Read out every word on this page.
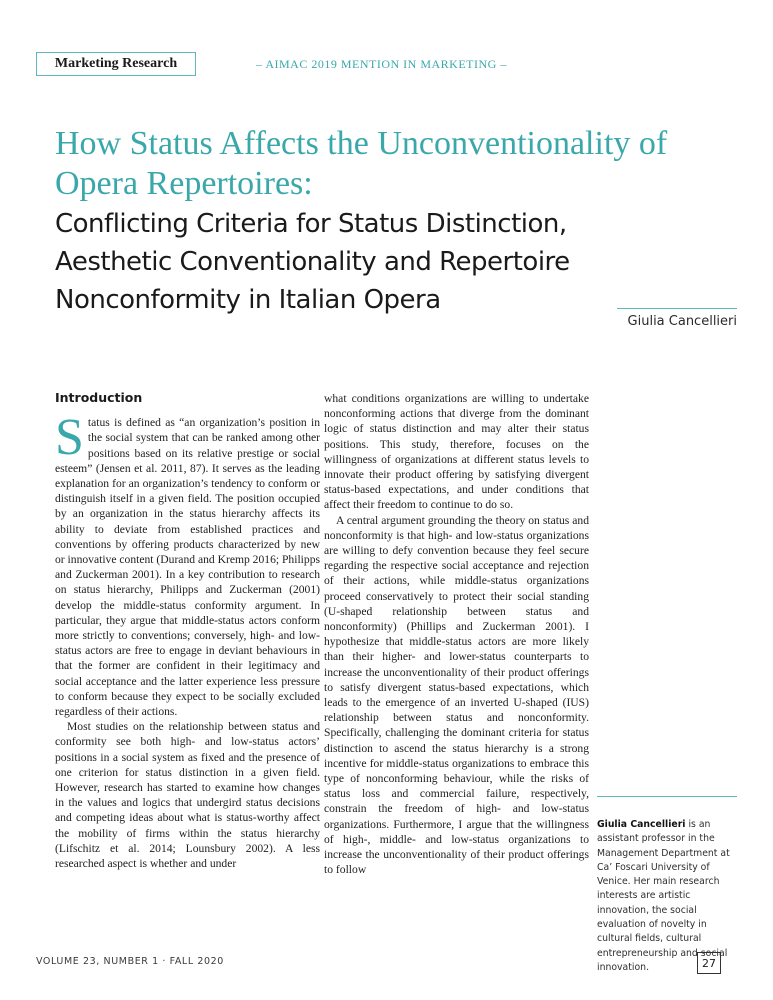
Marketing Research	– AIMAC 2019 MENTION IN MARKETING –
How Status Affects the Unconventionality of Opera Repertoires:
Conflicting Criteria for Status Distinction, Aesthetic Conventionality and Repertoire Nonconformity in Italian Opera
Giulia Cancellieri
Introduction

Status is defined as “an organization’s position in the social system that can be ranked among other positions based on its relative prestige or social esteem” (Jensen et al. 2011, 87). It serves as the leading explanation for an organization’s tendency to conform or distinguish itself in a given field. The position occupied by an organization in the status hierarchy affects its ability to deviate from established practices and conventions by offering products characterized by new or innovative content (Durand and Kremp 2016; Philipps and Zuckerman 2001). In a key contribution to research on status hierarchy, Philipps and Zuckerman (2001) develop the middle-status conformity argument. In particular, they argue that middle-status actors conform more strictly to conventions; conversely, high- and low-status actors are free to engage in deviant behaviours in that the former are confident in their legitimacy and social acceptance and the latter experience less pressure to conform because they expect to be socially excluded regardless of their actions.

Most studies on the relationship between status and conformity see both high- and low-status actors’ positions in a social system as fixed and the presence of one criterion for status distinction in a given field. However, research has started to examine how changes in the values and logics that undergird status decisions and competing ideas about what is status-worthy affect the mobility of firms within the status hierarchy (Lifschitz et al. 2014; Lounsbury 2002). A less researched aspect is whether and under

what conditions organizations are willing to undertake nonconforming actions that diverge from the dominant logic of status distinction and may alter their status positions. This study, therefore, focuses on the willingness of organizations at different status levels to innovate their product offering by satisfying divergent status-based expectations, and under conditions that affect their freedom to continue to do so.

A central argument grounding the theory on status and nonconformity is that high- and low-status organizations are willing to defy convention because they feel secure regarding the respective social acceptance and rejection of their actions, while middle-status organizations proceed conservatively to protect their social standing (U-shaped relationship between status and nonconformity) (Phillips and Zuckerman 2001). I hypothesize that middle-status actors are more likely than their higher- and lower-status counterparts to increase the unconventionality of their product offerings to satisfy divergent status-based expectations, which leads to the emergence of an inverted U-shaped (IUS) relationship between status and nonconformity. Specifically, challenging the dominant criteria for status distinction to ascend the status hierarchy is a strong incentive for middle-status organizations to embrace this type of nonconforming behaviour, while the risks of status loss and commercial failure, respectively, constrain the freedom of high- and low-status organizations. Furthermore, I argue that the willingness of high-, middle- and low-status organizations to increase the unconventionality of their product offerings to follow

Giulia Cancellieri is an assistant professor in the Management Department at Ca’ Foscari University of Venice. Her main research interests are artistic innovation, the social evaluation of novelty in cultural fields, cultural entrepreneurship and social innovation.
VOLUME 23, NUMBER 1 · FALL 2020	27
